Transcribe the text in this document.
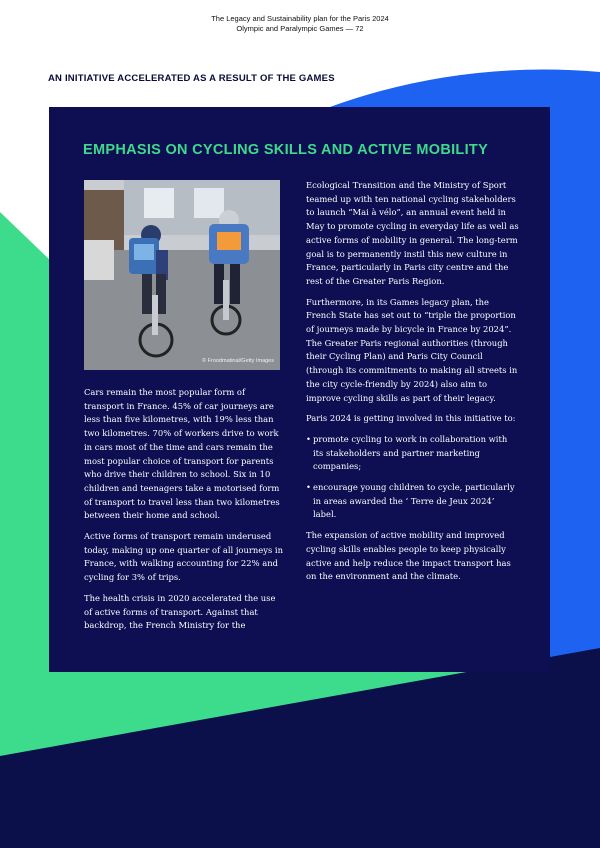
The Legacy and Sustainability plan for the Paris 2024
Olympic and Paralympic Games — 72
AN INITIATIVE ACCELERATED AS A RESULT OF THE GAMES
EMPHASIS ON CYCLING SKILLS AND ACTIVE MOBILITY
© Froodmatinal/Getty Images

Cars remain the most popular form of transport in France. 45% of car journeys are less than five kilometres, with 19% less than two kilometres. 70% of workers drive to work in cars most of the time and cars remain the most popular choice of transport for parents who drive their children to school. Six in 10 children and teenagers take a motorised form of transport to travel less than two kilometres between their home and school.

Active forms of transport remain underused today, making up one quarter of all journeys in France, with walking accounting for 22% and cycling for 3% of trips.

The health crisis in 2020 accelerated the use of active forms of transport. Against that backdrop, the French Ministry for the

Ecological Transition and the Ministry of Sport teamed up with ten national cycling stakeholders to launch “Mai à vélo”, an annual event held in May to promote cycling in everyday life as well as active forms of mobility in general. The long-term goal is to permanently instil this new culture in France, particularly in Paris city centre and the rest of the Greater Paris Region.

Furthermore, in its Games legacy plan, the French State has set out to “triple the proportion of journeys made by bicycle in France by 2024”. The Greater Paris regional authorities (through their Cycling Plan) and Paris City Council (through its commitments to making all streets in the city cycle-friendly by 2024) also aim to improve cycling skills as part of their legacy.

Paris 2024 is getting involved in this initiative to:

• promote cycling to work in collaboration with its stakeholders and partner marketing companies;
• encourage young children to cycle, particularly in areas awarded the ‘ Terre de Jeux 2024’ label.

The expansion of active mobility and improved cycling skills enables people to keep physically active and help reduce the impact transport has on the environment and the climate.
